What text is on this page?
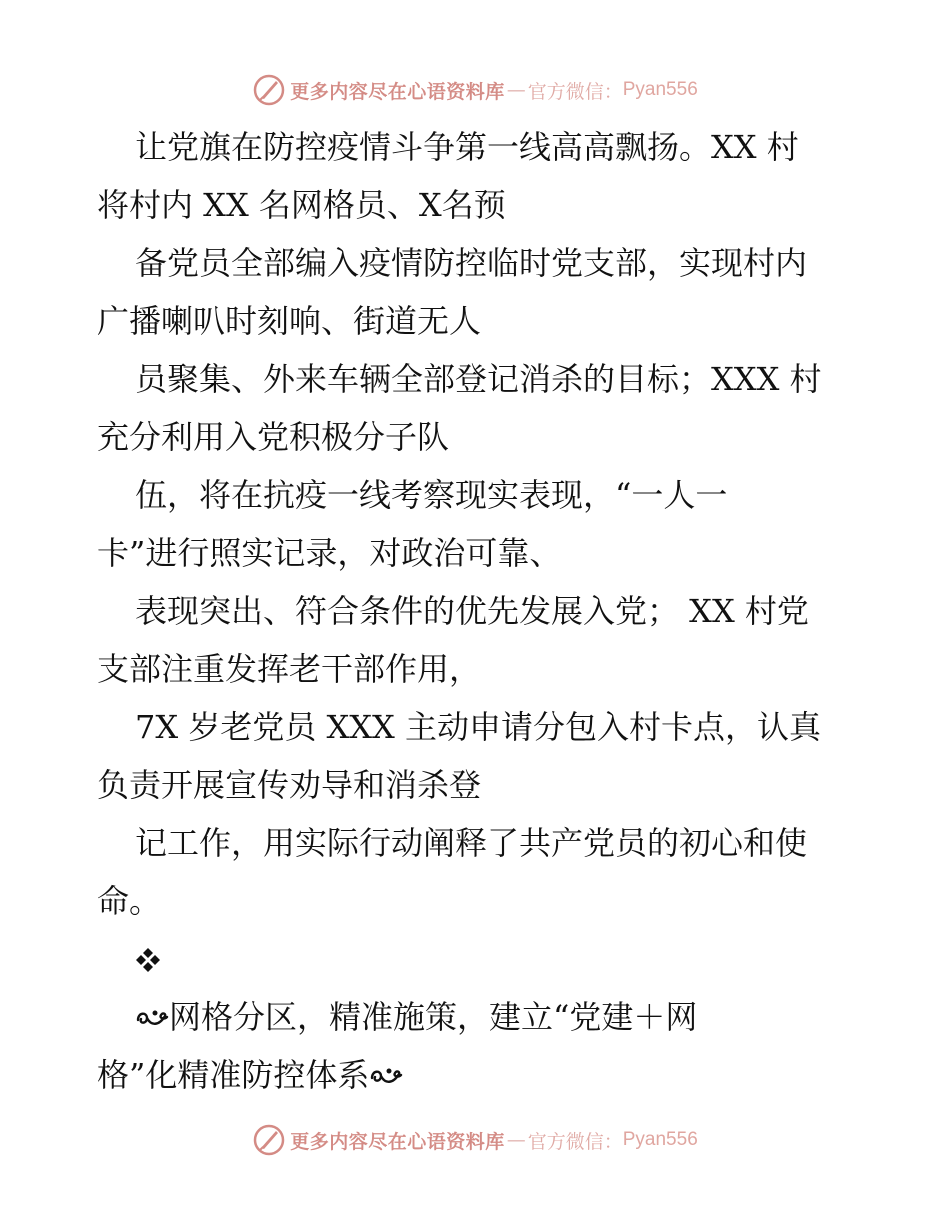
更多内容尽在心语资料库 — 官方微信： Pyan556

让党旗在防控疫情斗争第一线高高飘扬。XX 村

将村内 XX 名网格员、X名预

备党员全部编入疫情防控临时党支部，实现村内

广播喇叭时刻响、街道无人

员聚集、外来车辆全部登记消杀的目标；XXX 村

充分利用入党积极分子队

伍，将在抗疫一线考察现实表现，“一人一

卡”进行照实记录，对政治可靠、

表现突出、符合条件的优先发展入党； XX 村党

支部注重发挥老干部作用，

7X 岁老党员 XXX 主动申请分包入村卡点，认真

负责开展宣传劝导和消杀登

记工作，用实际行动阐释了共产党员的初心和使

命。

网格分区，精准施策，建立“党建＋网

格”化精准防控体系

更多内容尽在心语资料库 — 官方微信： Pyan556
